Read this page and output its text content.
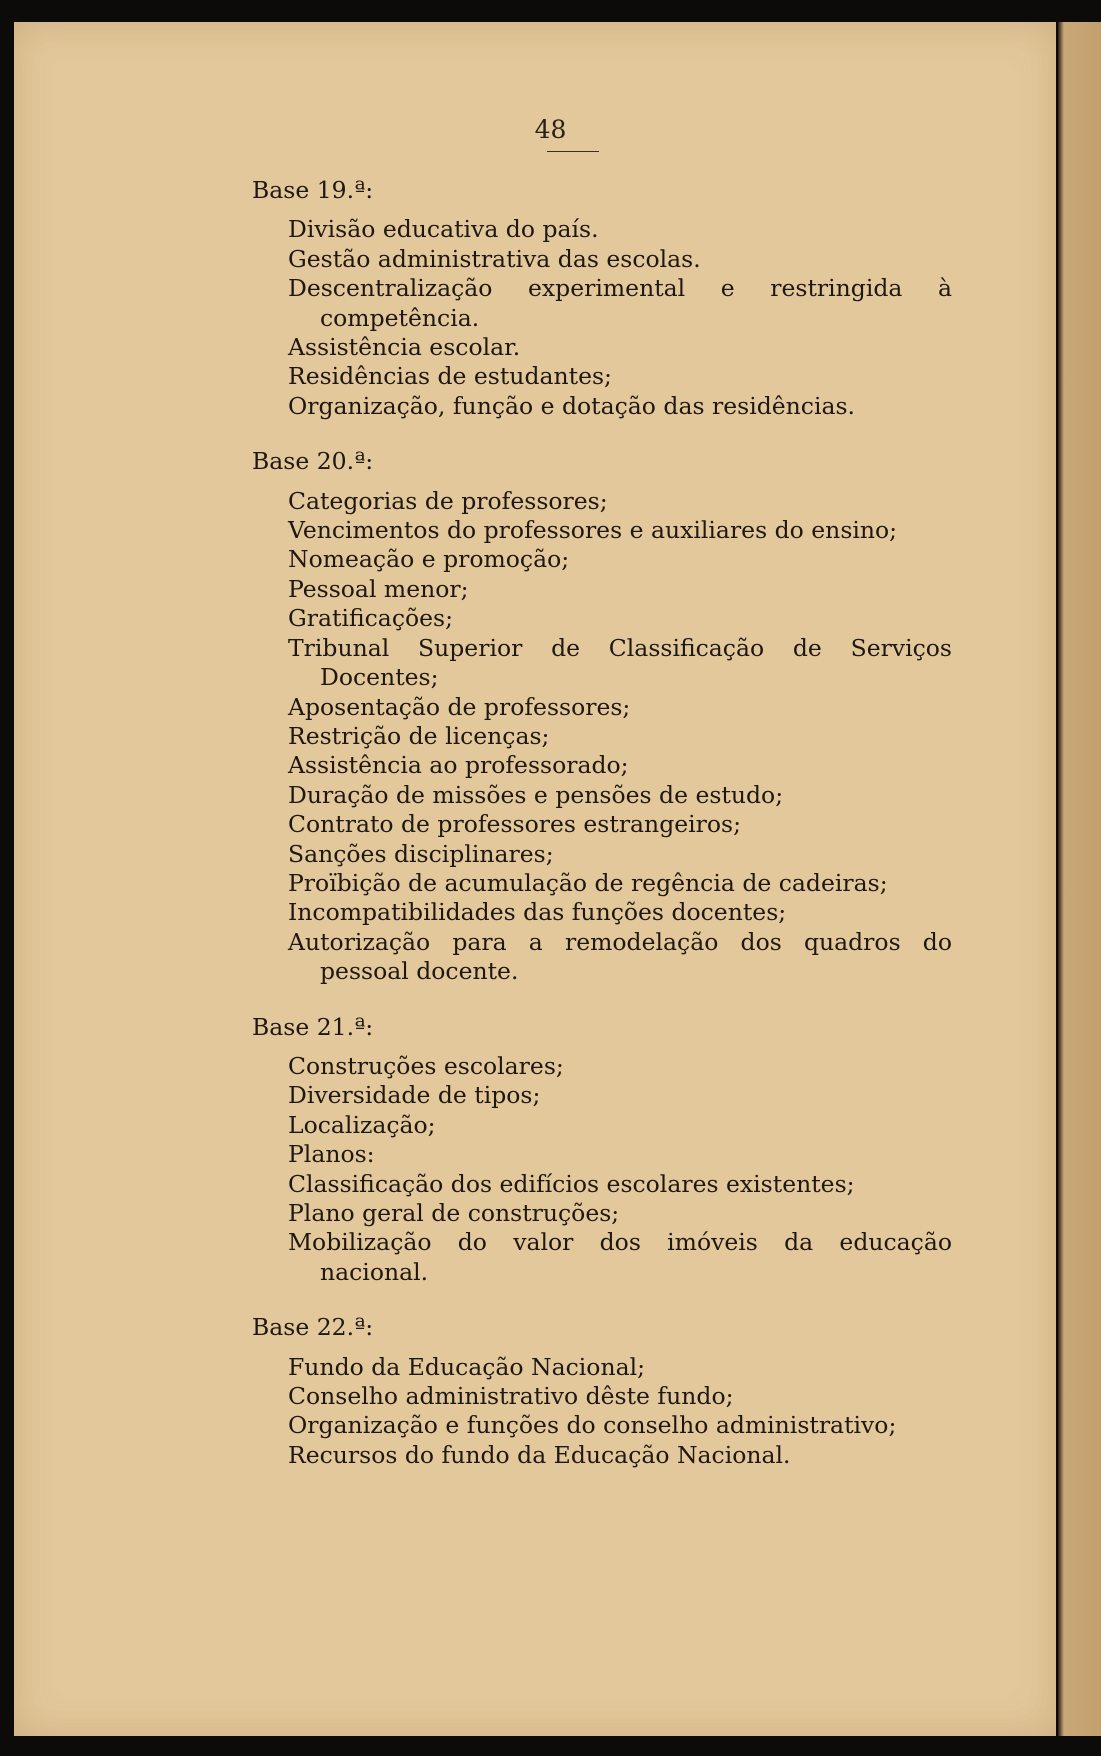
48
Base 19.ª:
Divisão educativa do país.
Gestão administrativa das escolas.
Descentralização experimental e restringida à competência.
Assistência escolar.
Residências de estudantes;
Organização, função e dotação das residências.
Base 20.ª:
Categorias de professores;
Vencimentos do professores e auxiliares do ensino;
Nomeação e promoção;
Pessoal menor;
Gratificações;
Tribunal Superior de Classificação de Serviços Docentes;
Aposentação de professores;
Restrição de licenças;
Assistência ao professorado;
Duração de missões e pensões de estudo;
Contrato de professores estrangeiros;
Sanções disciplinares;
Proïbição de acumulação de regência de cadeiras;
Incompatibilidades das funções docentes;
Autorização para a remodelação dos quadros do pessoal docente.
Base 21.ª:
Construções escolares;
Diversidade de tipos;
Localização;
Planos:
Classificação dos edifícios escolares existentes;
Plano geral de construções;
Mobilização do valor dos imóveis da educação nacional.
Base 22.ª:
Fundo da Educação Nacional;
Conselho administrativo dêste fundo;
Organização e funções do conselho administrativo;
Recursos do fundo da Educação Nacional.
